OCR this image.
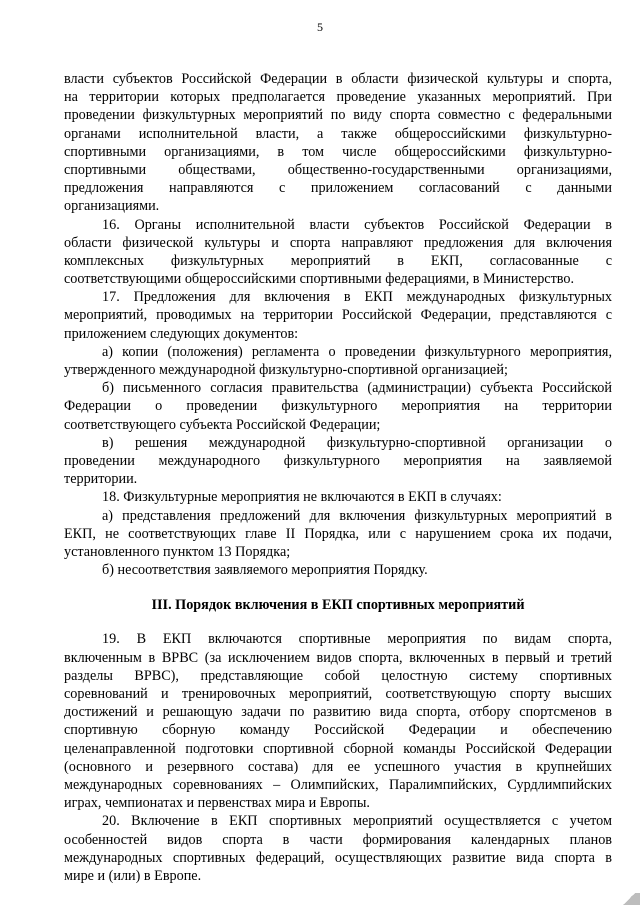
5
власти субъектов Российской Федерации в области физической культуры и спорта,
на территории которых предполагается проведение указанных мероприятий. При
проведении физкультурных мероприятий по виду спорта совместно с федеральными
органами исполнительной власти, а также общероссийскими физкультурно-
спортивными организациями, в том числе общероссийскими физкультурно-
спортивными обществами, общественно-государственными организациями,
предложения направляются с приложением согласований с данными
организациями.
16. Органы исполнительной власти субъектов Российской Федерации в
области физической культуры и спорта направляют предложения для включения
комплексных физкультурных мероприятий в ЕКП, согласованные с
соответствующими общероссийскими спортивными федерациями, в Министерство.
17. Предложения для включения в ЕКП международных физкультурных
мероприятий, проводимых на территории Российской Федерации, представляются с
приложением следующих документов:
а) копии (положения) регламента о проведении физкультурного мероприятия,
утвержденного международной физкультурно-спортивной организацией;
б) письменного согласия правительства (администрации) субъекта Российской
Федерации о проведении физкультурного мероприятия на территории
соответствующего субъекта Российской Федерации;
в) решения международной физкультурно-спортивной организации о
проведении международного физкультурного мероприятия на заявляемой
территории.
18. Физкультурные мероприятия не включаются в ЕКП в случаях:
а) представления предложений для включения физкультурных мероприятий в
ЕКП, не соответствующих главе II Порядка, или с нарушением срока их подачи,
установленного пунктом 13 Порядка;
б) несоответствия заявляемого мероприятия Порядку.
III. Порядок включения в ЕКП спортивных мероприятий
19. В ЕКП включаются спортивные мероприятия по видам спорта,
включенным в ВРВС (за исключением видов спорта, включенных в первый и третий
разделы ВРВС), представляющие собой целостную систему спортивных
соревнований и тренировочных мероприятий, соответствующую спорту высших
достижений и решающую задачи по развитию вида спорта, отбору спортсменов в
спортивную сборную команду Российской Федерации и обеспечению
целенаправленной подготовки спортивной сборной команды Российской Федерации
(основного и резервного состава) для ее успешного участия в крупнейших
международных соревнованиях – Олимпийских, Паралимпийских, Сурдлимпийских
играх, чемпионатах и первенствах мира и Европы.
20. Включение в ЕКП спортивных мероприятий осуществляется с учетом
особенностей видов спорта в части формирования календарных планов
международных спортивных федераций, осуществляющих развитие вида спорта в
мире и (или) в Европе.
